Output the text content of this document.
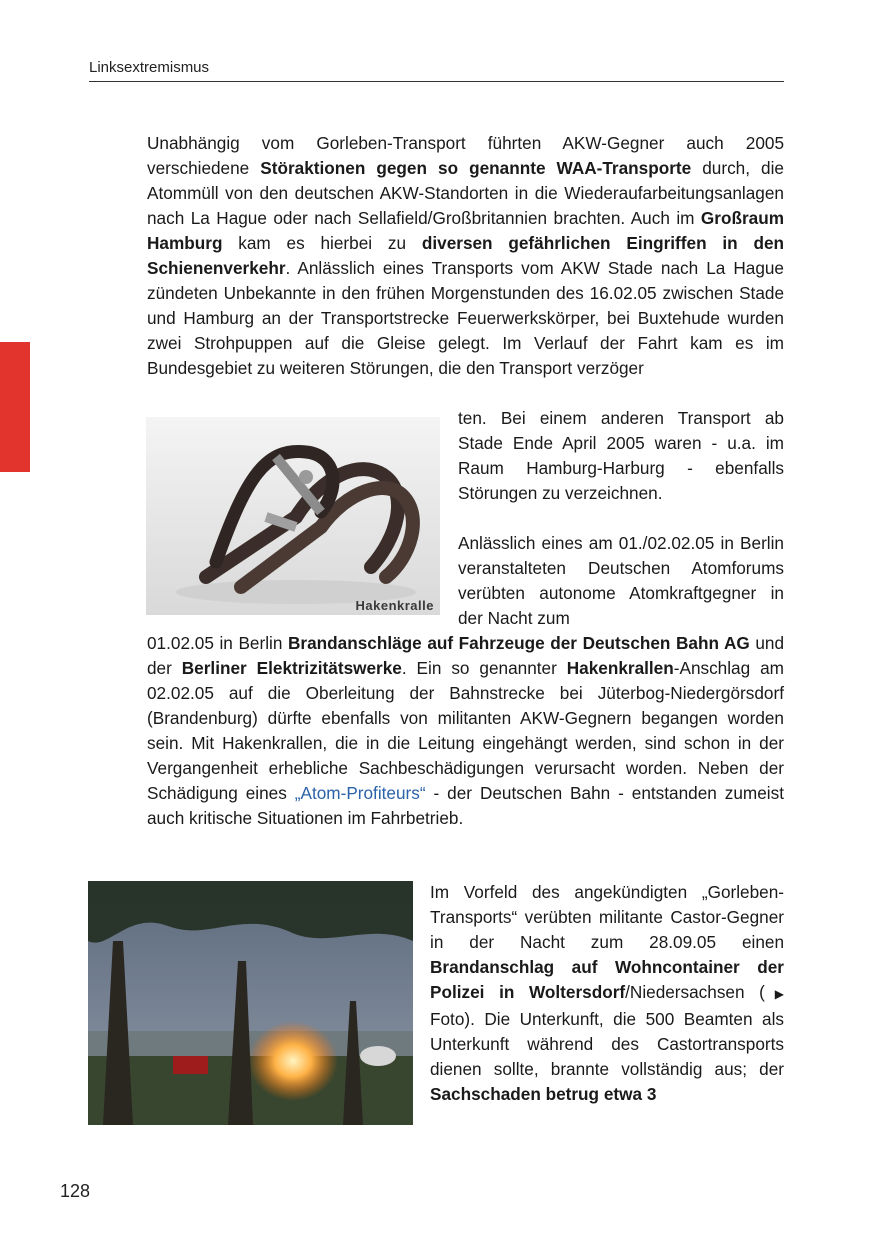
Linksextremismus
Unabhängig vom Gorleben-Transport führten AKW-Gegner auch 2005 verschiedene Störaktionen gegen so genannte WAA-Transporte durch, die Atommüll von den deutschen AKW-Standorten in die Wiederaufarbeitungsanlagen nach La Hague oder nach Sellafield/Großbritannien brachten. Auch im Großraum Hamburg kam es hierbei zu diversen gefährlichen Eingriffen in den Schienenverkehr. Anlässlich eines Transports vom AKW Stade nach La Hague zündeten Unbekannte in den frühen Morgenstunden des 16.02.05 zwischen Stade und Hamburg an der Transportstrecke Feuerwerkskörper, bei Buxtehude wurden zwei Strohpuppen auf die Gleise gelegt. Im Verlauf der Fahrt kam es im Bundesgebiet zu weiteren Störungen, die den Transport verzöger
Hakenkralle
ten. Bei einem anderen Transport ab Stade Ende April 2005 waren - u.a. im Raum Hamburg-Harburg - ebenfalls Störungen zu verzeichnen.
Anlässlich eines am 01./02.02.05 in Berlin veranstalteten Deutschen Atomforums verübten autonome Atomkraftgegner in der Nacht zum
01.02.05 in Berlin Brandanschläge auf Fahrzeuge der Deutschen Bahn AG und der Berliner Elektrizitätswerke. Ein so genannter Hakenkrallen-Anschlag am 02.02.05 auf die Oberleitung der Bahnstrecke bei Jüterbog-Niedergörsdorf (Brandenburg) dürfte ebenfalls von militanten AKW-Gegnern begangen worden sein. Mit Hakenkrallen, die in die Leitung eingehängt werden, sind schon in der Vergangenheit erhebliche Sachbeschädigungen verursacht worden. Neben der Schädigung eines „Atom-Profiteurs“ - der Deutschen Bahn - entstanden zumeist auch kritische Situationen im Fahrbetrieb.
Im Vorfeld des angekündigten „Gorleben-Transports“ verübten militante Castor-Gegner in der Nacht zum 28.09.05 einen Brandanschlag auf Wohncontainer der Polizei in Woltersdorf/Niedersachsen (▶ Foto). Die Unterkunft, die 500 Beamten als Unterkunft während des Castortransports dienen sollte, brannte vollständig aus; der Sachschaden betrug etwa 3
128
